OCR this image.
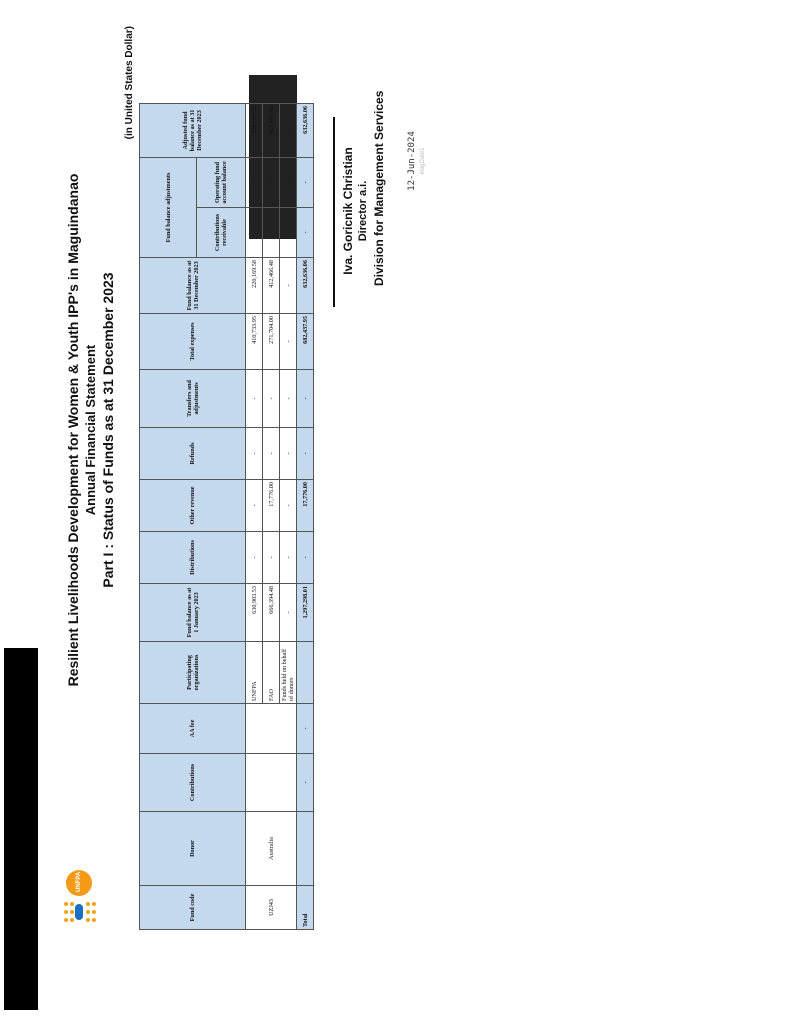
UNFPA
Resilient Livelihoods Development for Women & Youth IPP's in Maguindanao Annual Financial Statement Part I : Status of Funds as at 31 December 2023
(in United States Dollar)
Fund code	Donor	Contributions	AA fee	Participating organizations	Fund balance as at 1 January 2023	Distributions	Other revenue	Refunds	Transfers and adjustments	Total expenses	Fund balance as at 31 December 2023	Fund balance adjustments		Adjusted fund balance as at 31 December 2023
												Contributions receivable	Operating fund account balance	
UZJ43	Australia			UNFPA	630,903.53	-	-	-	-	410,733.95	220,169.58	-	-	220,169.58
				FAO	666,394.48	-	17,776.00	-	-	271,704.00	412,466.48	-	-	412,466.48
				Funds held on behalf of donors	-	-	-	-	-	-	-	-	-	-
Total		-	-		1,297,298.01	-	17,776.00	-	-	682,437.95	632,636.06	-	-	632,636.06
Iva. Goricnik Christian Director a.i. Division for Management Services 12-Jun-2024 #sigDate1
